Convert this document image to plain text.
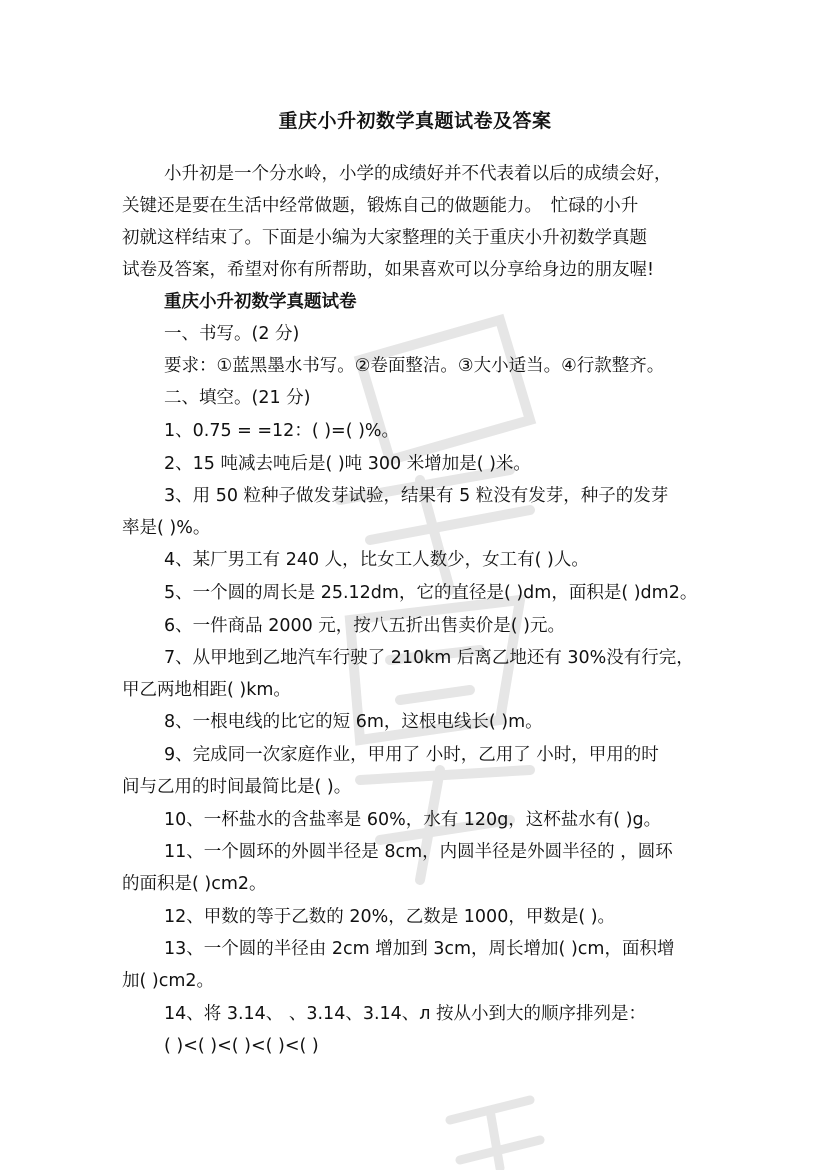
重庆小升初数学真题试卷及答案
小升初是一个分水岭，小学的成绩好并不代表着以后的成绩会好，
关键还是要在生活中经常做题，锻炼自己的做题能力。　忙碌的小升
初就这样结束了。下面是小编为大家整理的关于重庆小升初数学真题
试卷及答案，希望对你有所帮助，如果喜欢可以分享给身边的朋友喔!
重庆小升初数学真题试卷
一、书写。(2 分)
要求：①蓝黑墨水书写。②卷面整洁。③大小适当。④行款整齐。
二、填空。(21 分)
1、0.75 = =12：( )=( )%。
2、15 吨减去吨后是( )吨 300 米增加是( )米。
3、用 50 粒种子做发芽试验，结果有 5 粒没有发芽，种子的发芽
率是( )%。
4、某厂男工有 240 人，比女工人数少，女工有( )人。
5、一个圆的周长是 25.12dm，它的直径是( )dm，面积是( )dm2。
6、一件商品 2000 元，按八五折出售卖价是( )元。
7、从甲地到乙地汽车行驶了 210km 后离乙地还有 30%没有行完，
甲乙两地相距( )km。
8、一根电线的比它的短 6m，这根电线长( )m。
9、完成同一次家庭作业，甲用了 小时，乙用了 小时，甲用的时
间与乙用的时间最简比是( )。
10、一杯盐水的含盐率是 60%，水有 120g，这杯盐水有( )g。
11、一个圆环的外圆半径是 8cm，内圆半径是外圆半径的 ，圆环
的面积是( )cm2。
12、甲数的等于乙数的 20%，乙数是 1000，甲数是( )。
13、一个圆的半径由 2cm 增加到 3cm，周长增加( )cm，面积增
加( )cm2。
14、将 3.14、 、3.14、3.14、л 按从小到大的顺序排列是：
( )<( )<( )<( )<( )
